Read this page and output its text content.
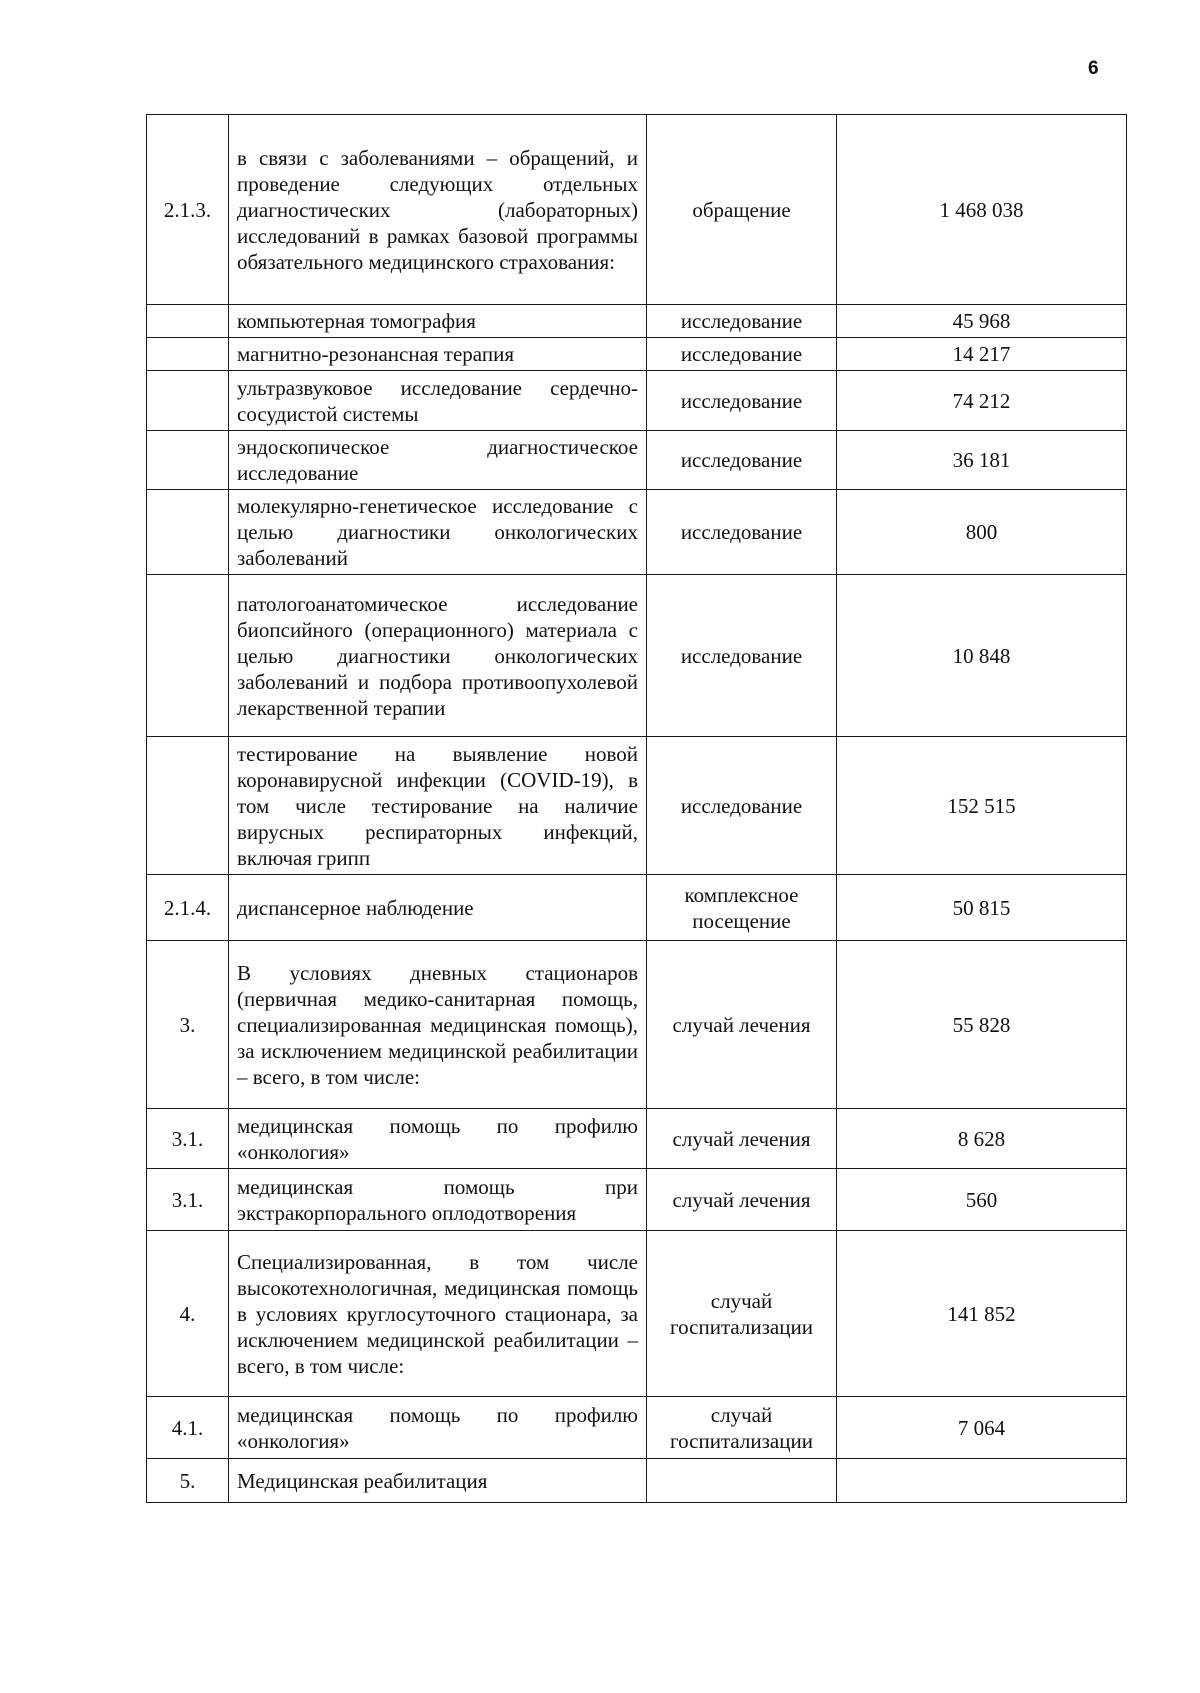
6
2.1.3.	в связи с заболеваниями – обращений, и проведение следующих отдельных диагностических (лабораторных) исследований в рамках базовой программы обязательного медицинского страхования:	обращение	1 468 038
	компьютерная томография	исследование	45 968
	магнитно-резонансная терапия	исследование	14 217
	ультразвуковое исследование сердечно-сосудистой системы	исследование	74 212
	эндоскопическое диагностическое исследование	исследование	36 181
	молекулярно-генетическое исследование с целью диагностики онкологических заболеваний	исследование	800
	патологоанатомическое исследование биопсийного (операционного) материала с целью диагностики онкологических заболеваний и подбора противоопухолевой лекарственной терапии	исследование	10 848
	тестирование на выявление новой коронавирусной инфекции (COVID-19), в том числе тестирование на наличие вирусных респираторных инфекций, включая грипп	исследование	152 515
2.1.4.	диспансерное наблюдение	комплексное посещение	50 815
3.	В условиях дневных стационаров (первичная медико-санитарная помощь, специализированная медицинская помощь), за исключением медицинской реабилитации – всего, в том числе:	случай лечения	55 828
3.1.	медицинская помощь по профилю «онкология»	случай лечения	8 628
3.1.	медицинская помощь при экстракорпорального оплодотворения	случай лечения	560
4.	Специализированная, в том числе высокотехнологичная, медицинская помощь в условиях круглосуточного стационара, за исключением медицинской реабилитации – всего, в том числе:	случай госпитализации	141 852
4.1.	медицинская помощь по профилю «онкология»	случай госпитализации	7 064
5.	Медицинская реабилитация		
